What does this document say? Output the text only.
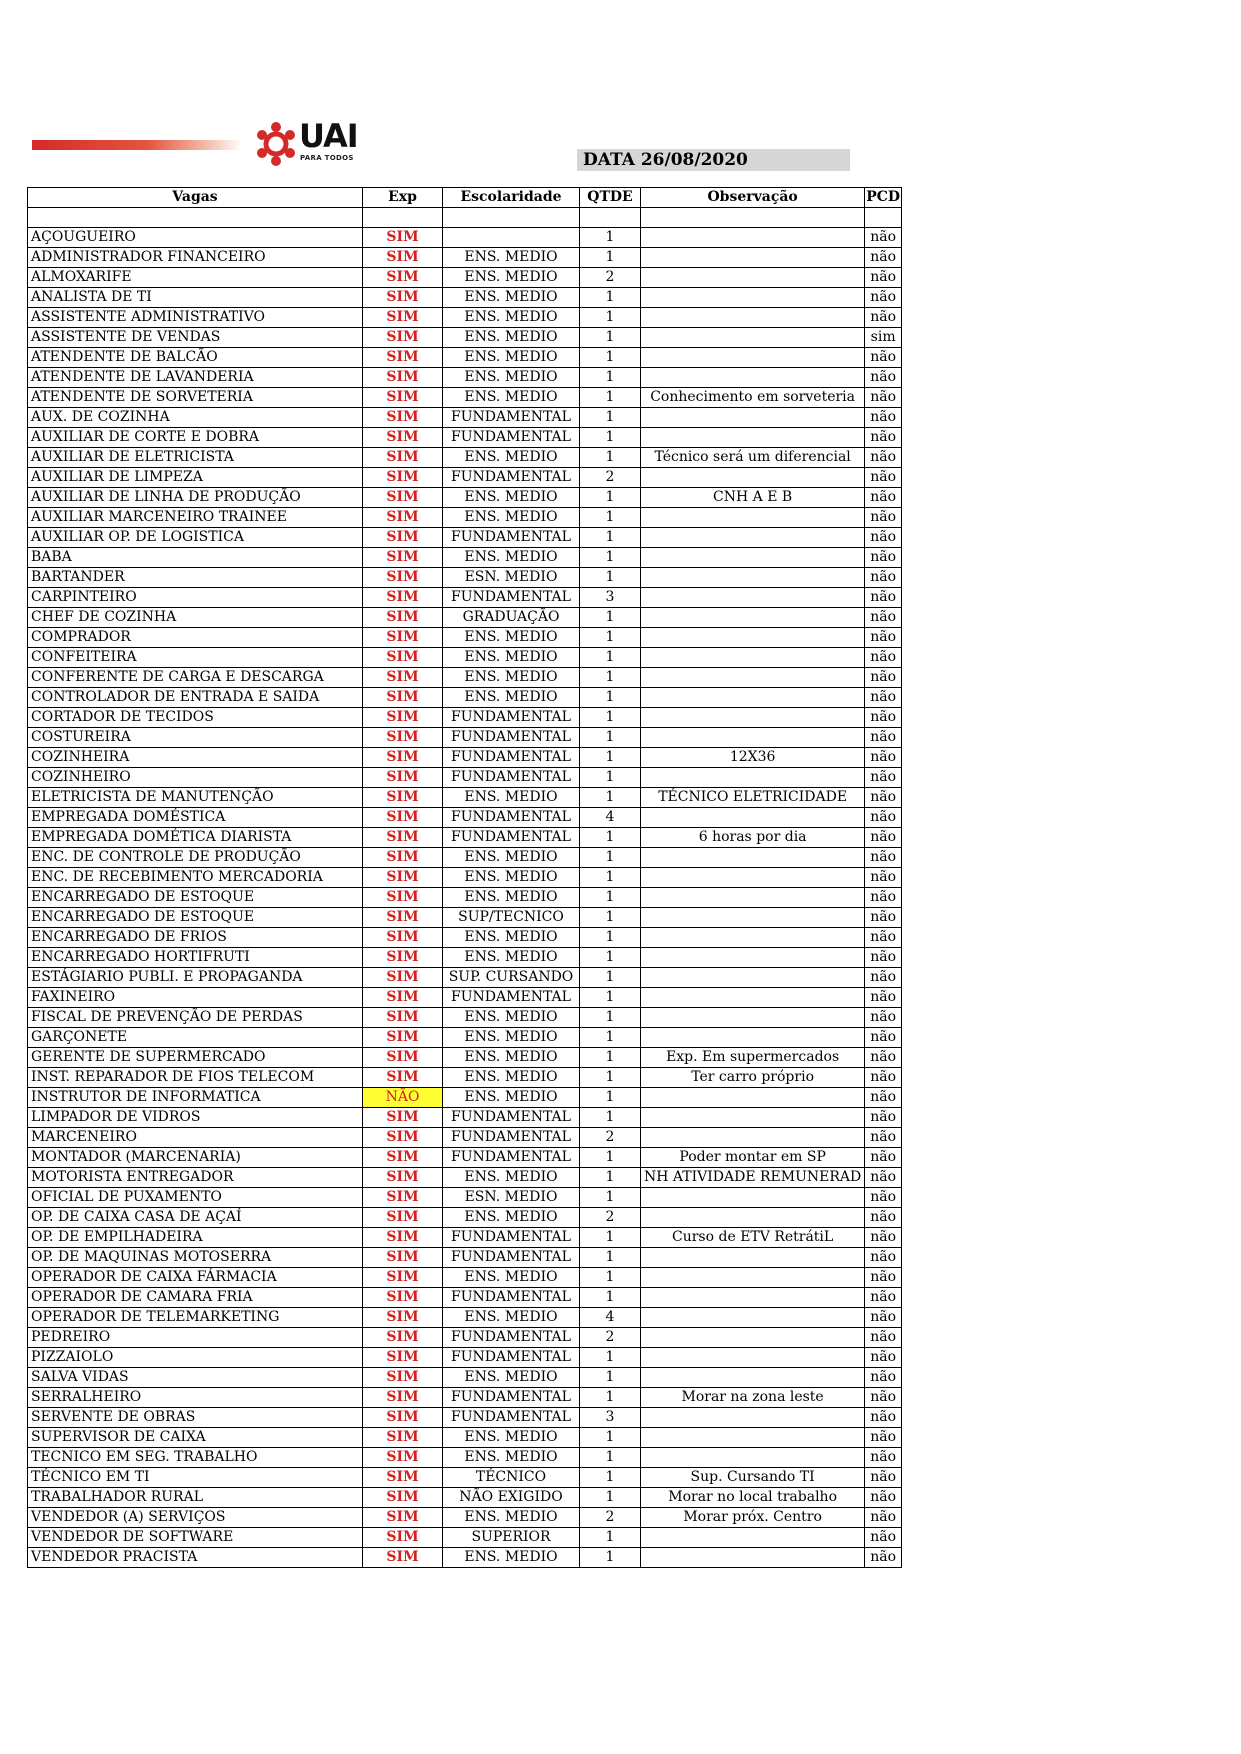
UAI
PARA TODOS	DATA 26/08/2020
Vagas	Exp	Escolaridade	QTDE	Observação	PCD

AÇOUGUEIRO	SIM		1		não
ADMINISTRADOR FINANCEIRO	SIM	ENS. MEDIO	1		não
ALMOXARIFE	SIM	ENS. MEDIO	2		não
ANALISTA DE TI	SIM	ENS. MEDIO	1		não
ASSISTENTE ADMINISTRATIVO	SIM	ENS. MEDIO	1		não
ASSISTENTE DE VENDAS	SIM	ENS. MEDIO	1		sim
ATENDENTE DE BALCÃO	SIM	ENS. MEDIO	1		não
ATENDENTE DE LAVANDERIA	SIM	ENS. MEDIO	1		não
ATENDENTE DE SORVETERIA	SIM	ENS. MEDIO	1	Conhecimento em sorveteria	não
AUX. DE COZINHA	SIM	FUNDAMENTAL	1		não
AUXILIAR DE CORTE E DOBRA	SIM	FUNDAMENTAL	1		não
AUXILIAR DE ELETRICISTA	SIM	ENS. MEDIO	1	Técnico será um diferencial	não
AUXILIAR DE LIMPEZA	SIM	FUNDAMENTAL	2		não
AUXILIAR DE LINHA DE PRODUÇÃO	SIM	ENS. MEDIO	1	CNH A E B	não
AUXILIAR MARCENEIRO TRAINEE	SIM	ENS. MEDIO	1		não
AUXILIAR OP. DE LOGISTICA	SIM	FUNDAMENTAL	1		não
BABA	SIM	ENS. MEDIO	1		não
BARTANDER	SIM	ESN. MEDIO	1		não
CARPINTEIRO	SIM	FUNDAMENTAL	3		não
CHEF DE COZINHA	SIM	GRADUAÇÃO	1		não
COMPRADOR	SIM	ENS. MEDIO	1		não
CONFEITEIRA	SIM	ENS. MEDIO	1		não
CONFERENTE DE CARGA E DESCARGA	SIM	ENS. MEDIO	1		não
CONTROLADOR DE ENTRADA E SAIDA	SIM	ENS. MEDIO	1		não
CORTADOR DE TECIDOS	SIM	FUNDAMENTAL	1		não
COSTUREIRA	SIM	FUNDAMENTAL	1		não
COZINHEIRA	SIM	FUNDAMENTAL	1	12X36	não
COZINHEIRO	SIM	FUNDAMENTAL	1		não
ELETRICISTA DE MANUTENÇÃO	SIM	ENS. MEDIO	1	TÉCNICO ELETRICIDADE	não
EMPREGADA DOMÉSTICA	SIM	FUNDAMENTAL	4		não
EMPREGADA DOMÉTICA DIARISTA	SIM	FUNDAMENTAL	1	6 horas por dia	não
ENC. DE CONTROLE DE PRODUÇÃO	SIM	ENS. MEDIO	1		não
ENC. DE RECEBIMENTO MERCADORIA	SIM	ENS. MEDIO	1		não
ENCARREGADO DE ESTOQUE	SIM	ENS. MEDIO	1		não
ENCARREGADO DE ESTOQUE	SIM	SUP/TECNICO	1		não
ENCARREGADO DE FRIOS	SIM	ENS. MEDIO	1		não
ENCARREGADO HORTIFRUTI	SIM	ENS. MEDIO	1		não
ESTÁGIARIO PUBLI. E PROPAGANDA	SIM	SUP. CURSANDO	1		não
FAXINEIRO	SIM	FUNDAMENTAL	1		não
FISCAL DE PREVENÇÃO DE PERDAS	SIM	ENS. MEDIO	1		não
GARÇONETE	SIM	ENS. MEDIO	1		não
GERENTE DE SUPERMERCADO	SIM	ENS. MEDIO	1	Exp. Em supermercados	não
INST. REPARADOR DE FIOS TELECOM	SIM	ENS. MEDIO	1	Ter carro próprio	não
INSTRUTOR DE INFORMATICA	NÃO	ENS. MEDIO	1		não
LIMPADOR DE VIDROS	SIM	FUNDAMENTAL	1		não
MARCENEIRO	SIM	FUNDAMENTAL	2		não
MONTADOR (MARCENARIA)	SIM	FUNDAMENTAL	1	Poder montar em SP	não
MOTORISTA ENTREGADOR	SIM	ENS. MEDIO	1	NH ATIVIDADE REMUNERAD	não
OFICIAL DE PUXAMENTO	SIM	ESN. MEDIO	1		não
OP. DE CAIXA CASA DE AÇAÍ	SIM	ENS. MEDIO	2		não
OP. DE EMPILHADEIRA	SIM	FUNDAMENTAL	1	Curso de ETV RetrátiL	não
OP. DE MAQUINAS MOTOSERRA	SIM	FUNDAMENTAL	1		não
OPERADOR DE CAIXA FÁRMACIA	SIM	ENS. MEDIO	1		não
OPERADOR DE CAMARA FRIA	SIM	FUNDAMENTAL	1		não
OPERADOR DE TELEMARKETING	SIM	ENS. MEDIO	4		não
PEDREIRO	SIM	FUNDAMENTAL	2		não
PIZZAIOLO	SIM	FUNDAMENTAL	1		não
SALVA VIDAS	SIM	ENS. MEDIO	1		não
SERRALHEIRO	SIM	FUNDAMENTAL	1	Morar na zona leste	não
SERVENTE DE OBRAS	SIM	FUNDAMENTAL	3		não
SUPERVISOR DE CAIXA	SIM	ENS. MEDIO	1		não
TECNICO EM SEG. TRABALHO	SIM	ENS. MEDIO	1		não
TÉCNICO EM TI	SIM	TÉCNICO	1	Sup. Cursando TI	não
TRABALHADOR RURAL	SIM	NÃO EXIGIDO	1	Morar no local trabalho	não
VENDEDOR (A) SERVIÇOS	SIM	ENS. MEDIO	2	Morar próx. Centro	não
VENDEDOR DE SOFTWARE	SIM	SUPERIOR	1		não
VENDEDOR PRACISTA	SIM	ENS. MEDIO	1		não
